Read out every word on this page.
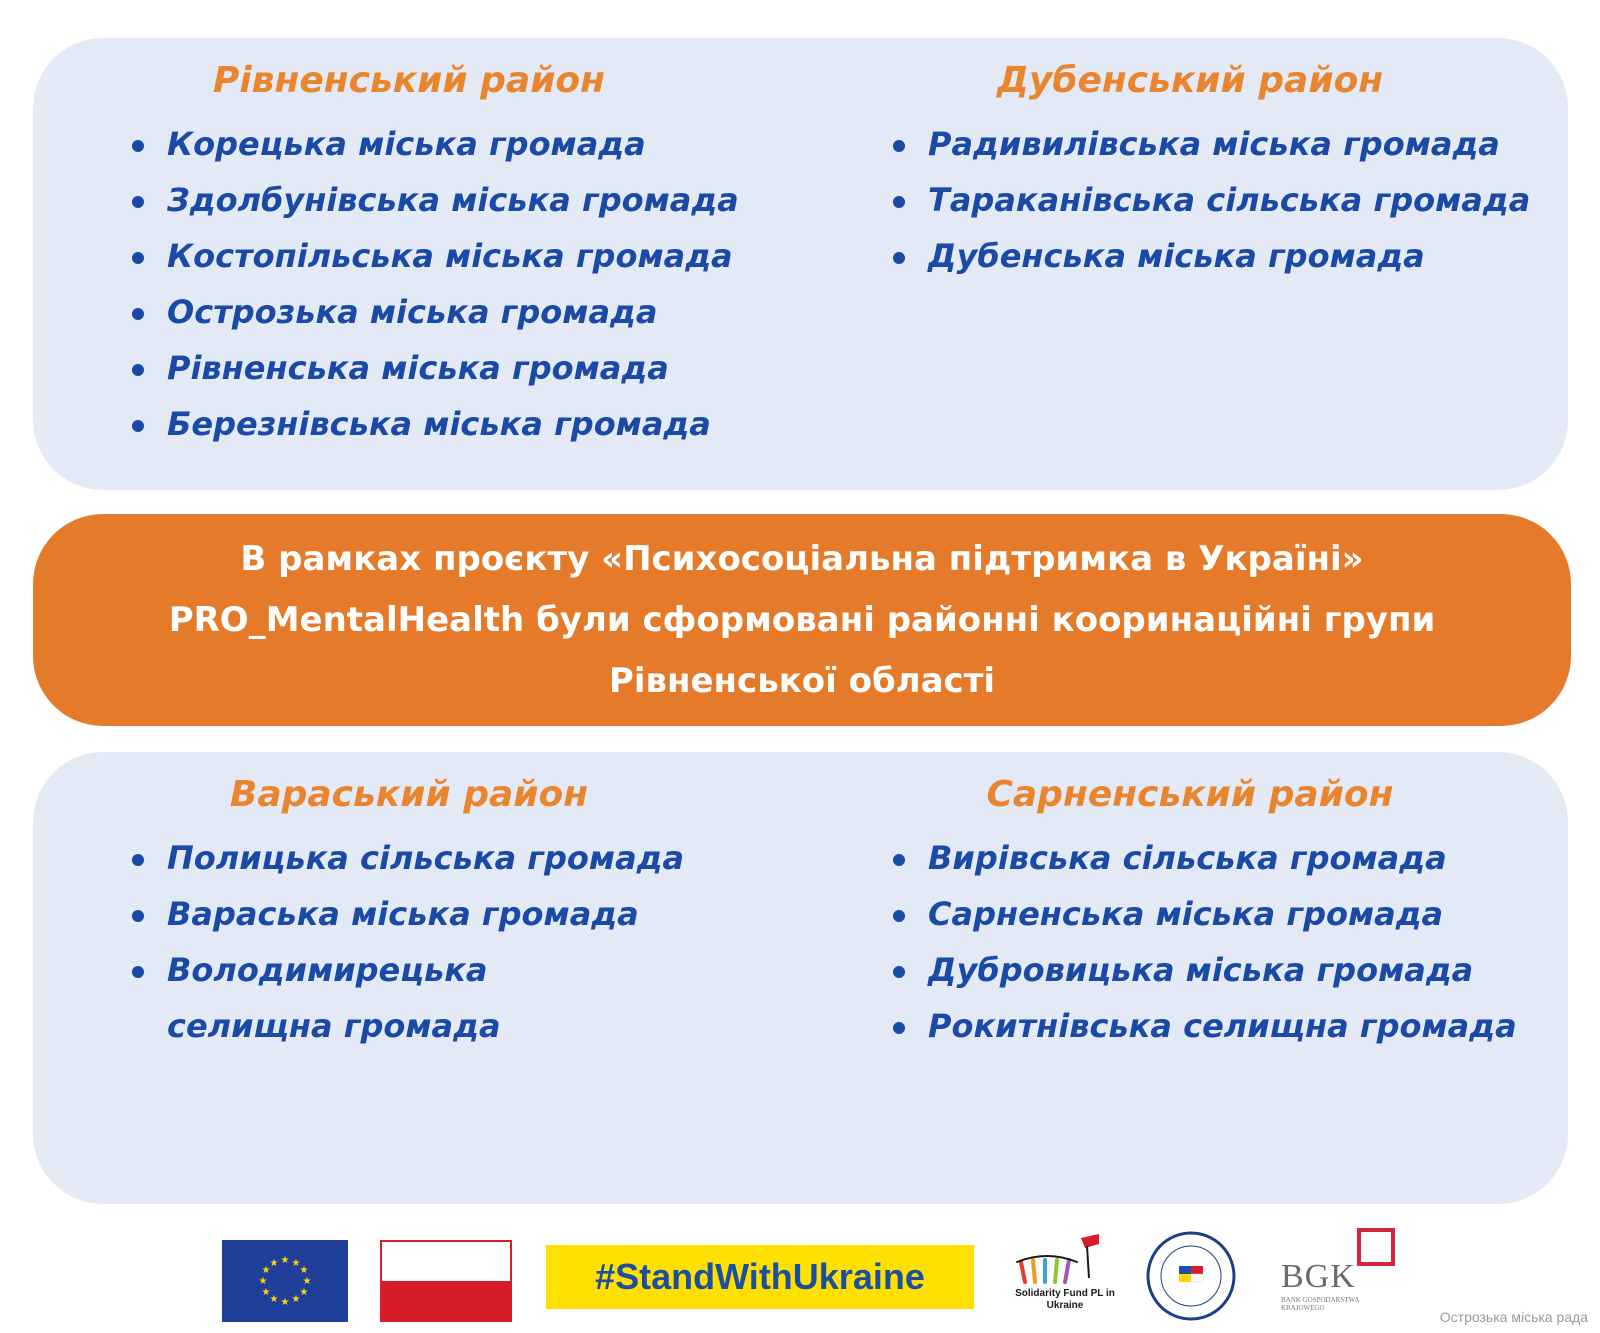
Рівненський район
Корецька міська громада
Здолбунівська міська громада
Костопільська міська громада
Острозька міська громада
Рівненська міська громада
Березнівська міська громада
Дубенський район
Радивилівська міська громада
Тараканівська сільська громада
Дубенська міська громада

В рамках проєкту «Психосоціальна підтримка в Україні»
PRO_MentalHealth були сформовані районні кооринаційні групи
Рівненської області

Вараський район
Полицька сільська громада
Вараська міська громада
Володимирецька селищна громада
Сарненський район
Вирівська сільська громада
Сарненська міська громада
Дубровицька міська громада
Рокитнівська селищна громада
★ ★
★
★
★
★
★
★
★
★
★
★	#StandWithUkraine	Solidarity Fund PL in Ukraine
BGK
BANK GOSPODARSTWA KRAJOWEGO
Острозька міська рада
